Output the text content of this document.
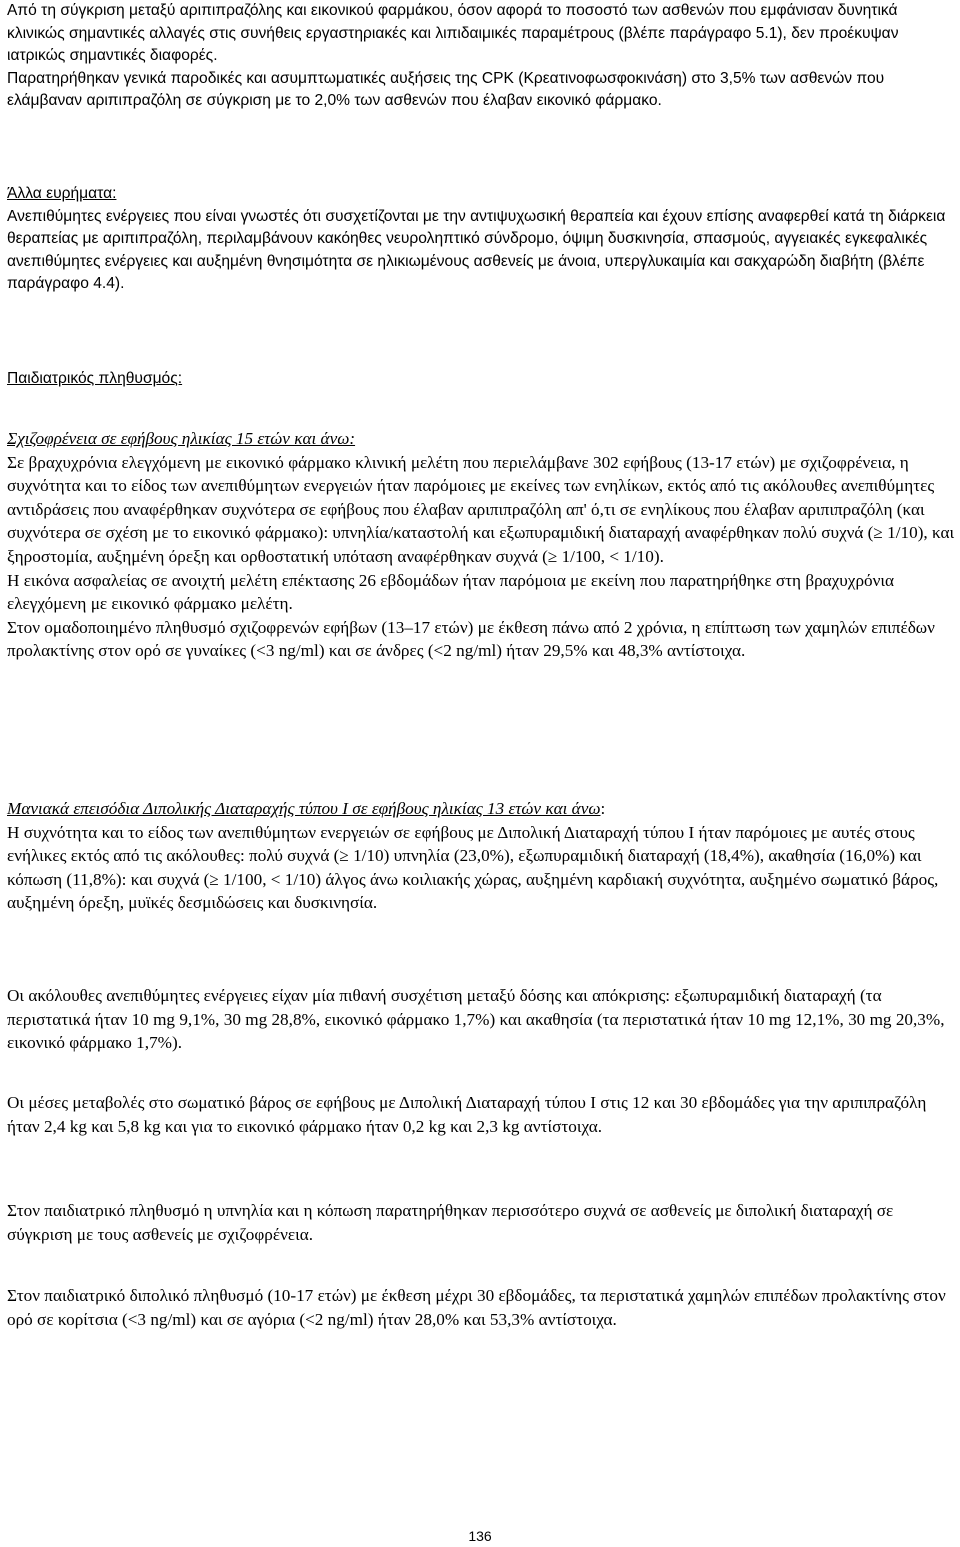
Από τη σύγκριση μεταξύ αριπιπραζόλης και εικονικού φαρμάκου, όσον αφορά το ποσοστό των ασθενών που εμφάνισαν δυνητικά κλινικώς σημαντικές αλλαγές στις συνήθεις εργαστηριακές και λιπιδαιμικές παραμέτρους (βλέπε παράγραφο 5.1), δεν προέκυψαν ιατρικώς σημαντικές διαφορές.

Παρατηρήθηκαν γενικά παροδικές και ασυμπτωματικές αυξήσεις της CPK (Κρεατινοφωσφοκινάση) στο 3,5% των ασθενών που ελάμβαναν αριπιπραζόλη σε σύγκριση με το 2,0% των ασθενών που έλαβαν εικονικό φάρμακο.

Άλλα ευρήματα:

Ανεπιθύμητες ενέργειες που είναι γνωστές ότι συσχετίζονται με την αντιψυχωσική θεραπεία και έχουν επίσης αναφερθεί κατά τη διάρκεια θεραπείας με αριπιπραζόλη, περιλαμβάνουν κακόηθες νευροληπτικό σύνδρομο, όψιμη δυσκινησία, σπασμούς, αγγειακές εγκεφαλικές ανεπιθύμητες ενέργειες και αυξημένη θνησιμότητα σε ηλικιωμένους ασθενείς με άνοια, υπεργλυκαιμία και σακχαρώδη διαβήτη (βλέπε παράγραφο 4.4).

Παιδιατρικός πληθυσμός:

Σχιζοφρένεια σε εφήβους ηλικίας 15 ετών και άνω:

Σε βραχυχρόνια ελεγχόμενη με εικονικό φάρμακο κλινική μελέτη που περιελάμβανε 302 εφήβους (13-17 ετών) με σχιζοφρένεια, η συχνότητα και το είδος των ανεπιθύμητων ενεργειών ήταν παρόμοιες με εκείνες των ενηλίκων, εκτός από τις ακόλουθες ανεπιθύμητες αντιδράσεις που αναφέρθηκαν συχνότερα σε εφήβους που έλαβαν αριπιπραζόλη απ' ό,τι σε ενηλίκους που έλαβαν αριπιπραζόλη (και συχνότερα σε σχέση με το εικονικό φάρμακο): υπνηλία/καταστολή και εξωπυραμιδική διαταραχή αναφέρθηκαν πολύ συχνά (≥ 1/10), και ξηροστομία, αυξημένη όρεξη και ορθοστατική υπόταση αναφέρθηκαν συχνά (≥ 1/100, < 1/10).

Η εικόνα ασφαλείας σε ανοιχτή μελέτη επέκτασης 26 εβδομάδων ήταν παρόμοια με εκείνη που παρατηρήθηκε στη βραχυχρόνια ελεγχόμενη με εικονικό φάρμακο μελέτη.

Στον ομαδοποιημένο πληθυσμό σχιζοφρενών εφήβων (13–17 ετών) με έκθεση πάνω από 2 χρόνια, η επίπτωση των χαμηλών επιπέδων προλακτίνης στον ορό σε γυναίκες (<3 ng/ml) και σε άνδρες (<2 ng/ml) ήταν 29,5% και 48,3% αντίστοιχα.

Μανιακά επεισόδια Διπολικής Διαταραχής τύπου Ι σε εφήβους ηλικίας 13 ετών και άνω:

Η συχνότητα και το είδος των ανεπιθύμητων ενεργειών σε εφήβους με Διπολική Διαταραχή τύπου Ι ήταν παρόμοιες με αυτές στους ενήλικες εκτός από τις ακόλουθες: πολύ συχνά (≥ 1/10) υπνηλία (23,0%), εξωπυραμιδική διαταραχή (18,4%), ακαθησία (16,0%) και κόπωση (11,8%): και συχνά (≥ 1/100, < 1/10) άλγος άνω κοιλιακής χώρας, αυξημένη καρδιακή συχνότητα, αυξημένο σωματικό βάρος, αυξημένη όρεξη, μυϊκές δεσμιδώσεις και δυσκινησία.

Οι ακόλουθες ανεπιθύμητες ενέργειες είχαν μία πιθανή συσχέτιση μεταξύ δόσης και απόκρισης: εξωπυραμιδική διαταραχή (τα περιστατικά ήταν 10 mg 9,1%, 30 mg 28,8%, εικονικό φάρμακο 1,7%) και ακαθησία (τα περιστατικά ήταν 10 mg 12,1%, 30 mg 20,3%, εικονικό φάρμακο 1,7%).

Οι μέσες μεταβολές στο σωματικό βάρος σε εφήβους με Διπολική Διαταραχή τύπου Ι στις 12 και 30 εβδομάδες για την αριπιπραζόλη ήταν 2,4 kg και 5,8 kg και για το εικονικό φάρμακο ήταν 0,2 kg και 2,3 kg αντίστοιχα.

Στον παιδιατρικό πληθυσμό η υπνηλία και η κόπωση παρατηρήθηκαν περισσότερο συχνά σε ασθενείς με διπολική διαταραχή σε σύγκριση με τους ασθενείς με σχιζοφρένεια.

Στον παιδιατρικό διπολικό πληθυσμό (10-17 ετών) με έκθεση μέχρι 30 εβδομάδες, τα περιστατικά χαμηλών επιπέδων προλακτίνης στον ορό σε κορίτσια (<3 ng/ml) και σε αγόρια (<2 ng/ml) ήταν 28,0% και 53,3% αντίστοιχα.

136
